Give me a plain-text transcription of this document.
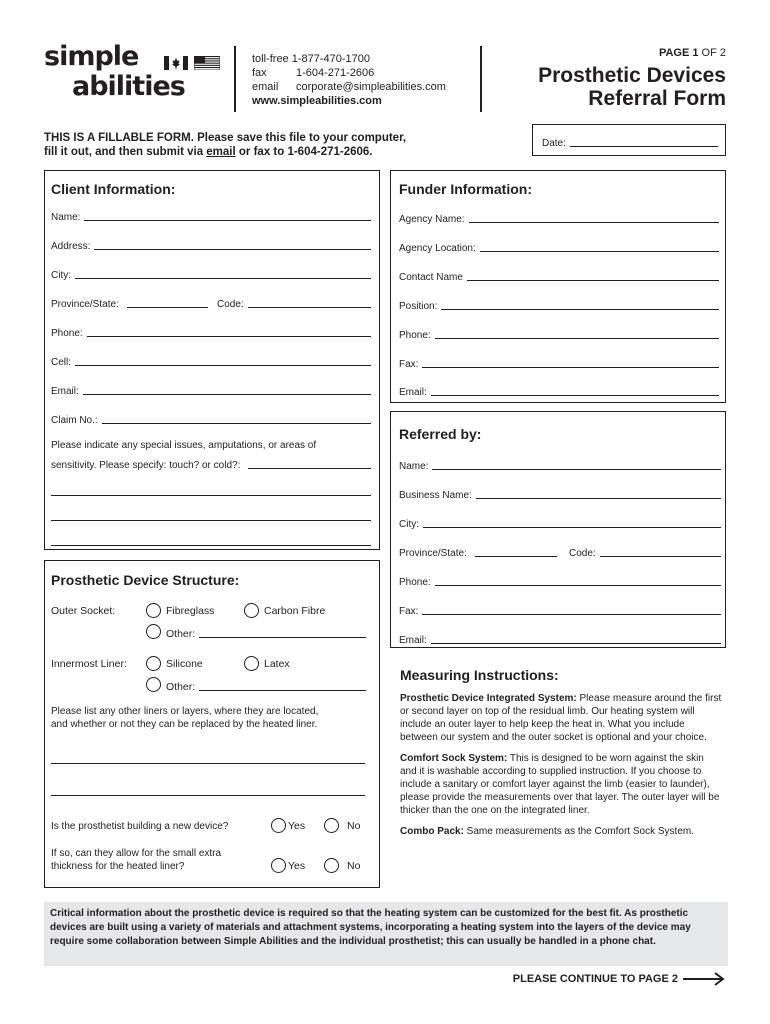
simple
abilities
toll-free 1-877-470-1700
fax	1-604-271-2606
email corporate@simpleabilities.com
www.simpleabilities.com
PAGE 1 OF 2
Prosthetic Devices
Referral Form
THIS IS A FILLABLE FORM. Please save this file to your computer,
fill it out, and then submit via email or fax to 1-604-271-2606.
Date:
Client Information:
Name:
Address:
City:
Province/State:	Code:
Phone:
Cell:
Email:
Claim No.:
Please indicate any special issues, amputations, or areas of
sensitivity. Please specify: touch? or cold?:
Funder Information:
Agency Name:
Agency Location:
Contact Name
Position:
Phone:
Fax:
Email:
Referred by:
Name:
Business Name:
City:
Province/State:	Code:
Phone:
Fax:
Email:
Prosthetic Device Structure:
Outer Socket:	Fibreglass	Carbon Fibre
Other:
Innermost Liner:	Silicone	Latex
Other:
Please list any other liners or layers, where they are located,
and whether or not they can be replaced by the heated liner.
Is the prosthetist building a new device?	Yes	No
If so, can they allow for the small extra
thickness for the heated liner?	Yes	No
Measuring Instructions:

Prosthetic Device Integrated System: Please measure around the first or second layer on top of the residual limb. Our heating system will include an outer layer to help keep the heat in. What you include between our system and the outer socket is optional and your choice.

Comfort Sock System: This is designed to be worn against the skin and it is washable according to supplied instruction. If you choose to include a sanitary or comfort layer against the limb (easier to launder), please provide the measurements over that layer. The outer layer will be thicker than the one on the integrated liner.

Combo Pack: Same measurements as the Comfort Sock System.

Critical information about the prosthetic device is required so that the heating system can be customized for the best fit. As prosthetic devices are built using a variety of materials and attachment systems, incorporating a heating system into the layers of the device may require some collaboration between Simple Abilities and the individual prosthetist; this can usually be handled in a phone chat.
PLEASE CONTINUE TO PAGE 2
